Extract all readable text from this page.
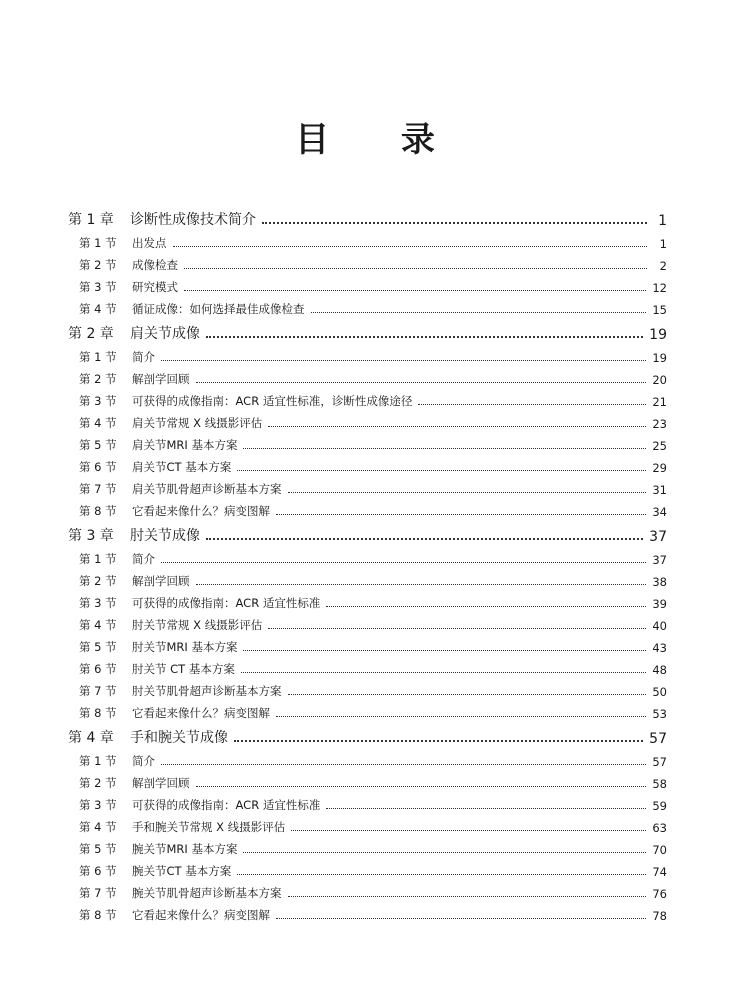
目 录
第 1 章	诊断性成像技术简介	1
第 1 节	出发点	1
第 2 节	成像检查	2
第 3 节	研究模式	12
第 4 节	循证成像：如何选择最佳成像检查	15
第 2 章	肩关节成像	19
第 1 节	简介	19
第 2 节	解剖学回顾	20
第 3 节	可获得的成像指南：ACR 适宜性标准，诊断性成像途径	21
第 4 节	肩关节常规 X 线摄影评估	23
第 5 节	肩关节MRI 基本方案	25
第 6 节	肩关节CT 基本方案	29
第 7 节	肩关节肌骨超声诊断基本方案	31
第 8 节	它看起来像什么？病变图解	34
第 3 章	肘关节成像	37
第 1 节	简介	37
第 2 节	解剖学回顾	38
第 3 节	可获得的成像指南：ACR 适宜性标准	39
第 4 节	肘关节常规 X 线摄影评估	40
第 5 节	肘关节MRI 基本方案	43
第 6 节	肘关节 CT 基本方案	48
第 7 节	肘关节肌骨超声诊断基本方案	50
第 8 节	它看起来像什么？病变图解	53
第 4 章	手和腕关节成像	57
第 1 节	简介	57
第 2 节	解剖学回顾	58
第 3 节	可获得的成像指南：ACR 适宜性标准	59
第 4 节	手和腕关节常规 X 线摄影评估	63
第 5 节	腕关节MRI 基本方案	70
第 6 节	腕关节CT 基本方案	74
第 7 节	腕关节肌骨超声诊断基本方案	76
第 8 节	它看起来像什么？病变图解	78
